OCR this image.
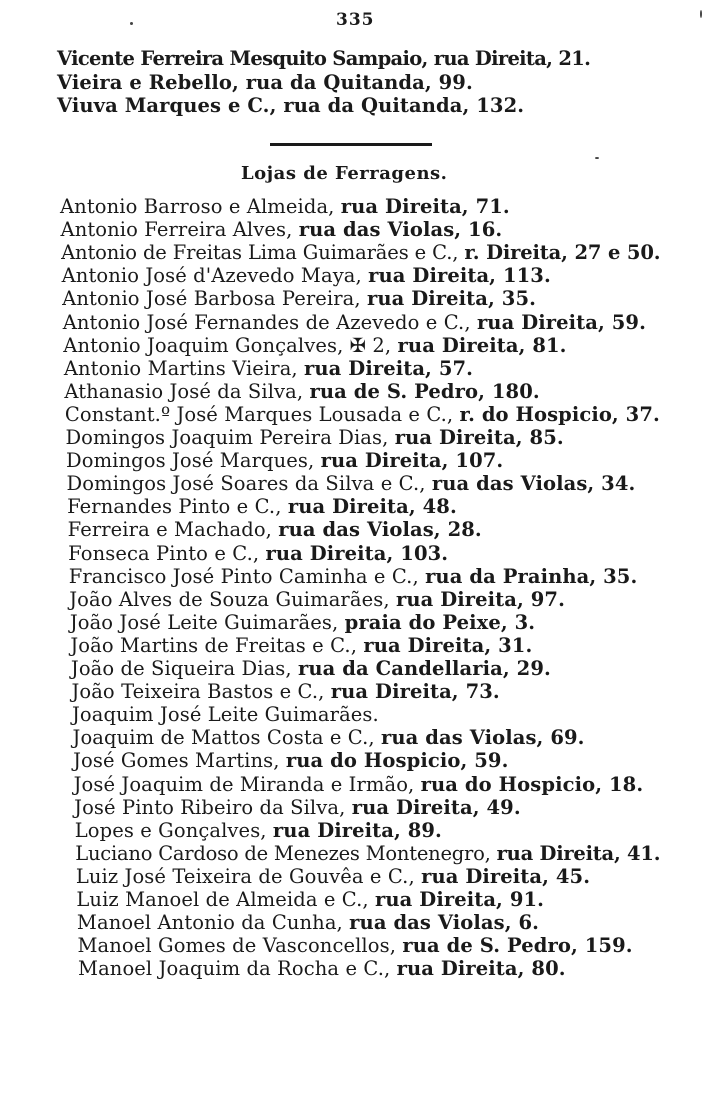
335
Vicente Ferreira Mesquito Sampaio, rua Direita, 21.
Vieira e Rebello, rua da Quitanda, 99.
Viuva Marques e C., rua da Quitanda, 132.
Lojas de Ferragens.
Antonio Barroso e Almeida, rua Direita, 71.
Antonio Ferreira Alves, rua das Violas, 16.
Antonio de Freitas Lima Guimarães e C., r. Direita, 27 e 50.
Antonio José d'Azevedo Maya, rua Direita, 113.
Antonio José Barbosa Pereira, rua Direita, 35.
Antonio José Fernandes de Azevedo e C., rua Direita, 59.
Antonio Joaquim Gonçalves, ✠ 2, rua Direita, 81.
Antonio Martins Vieira, rua Direita, 57.
Athanasio José da Silva, rua de S. Pedro, 180.
Constant.º José Marques Lousada e C., r. do Hospicio, 37.
Domingos Joaquim Pereira Dias, rua Direita, 85.
Domingos José Marques, rua Direita, 107.
Domingos José Soares da Silva e C., rua das Violas, 34.
Fernandes Pinto e C., rua Direita, 48.
Ferreira e Machado, rua das Violas, 28.
Fonseca Pinto e C., rua Direita, 103.
Francisco José Pinto Caminha e C., rua da Prainha, 35.
João Alves de Souza Guimarães, rua Direita, 97.
João José Leite Guimarães, praia do Peixe, 3.
João Martins de Freitas e C., rua Direita, 31.
João de Siqueira Dias, rua da Candellaria, 29.
João Teixeira Bastos e C., rua Direita, 73.
Joaquim José Leite Guimarães.
Joaquim de Mattos Costa e C., rua das Violas, 69.
José Gomes Martins, rua do Hospicio, 59.
José Joaquim de Miranda e Irmão, rua do Hospicio, 18.
José Pinto Ribeiro da Silva, rua Direita, 49.
Lopes e Gonçalves, rua Direita, 89.
Luciano Cardoso de Menezes Montenegro, rua Direita, 41.
Luiz José Teixeira de Gouvêa e C., rua Direita, 45.
Luiz Manoel de Almeida e C., rua Direita, 91.
Manoel Antonio da Cunha, rua das Violas, 6.
Manoel Gomes de Vasconcellos, rua de S. Pedro, 159.
Manoel Joaquim da Rocha e C., rua Direita, 80.
